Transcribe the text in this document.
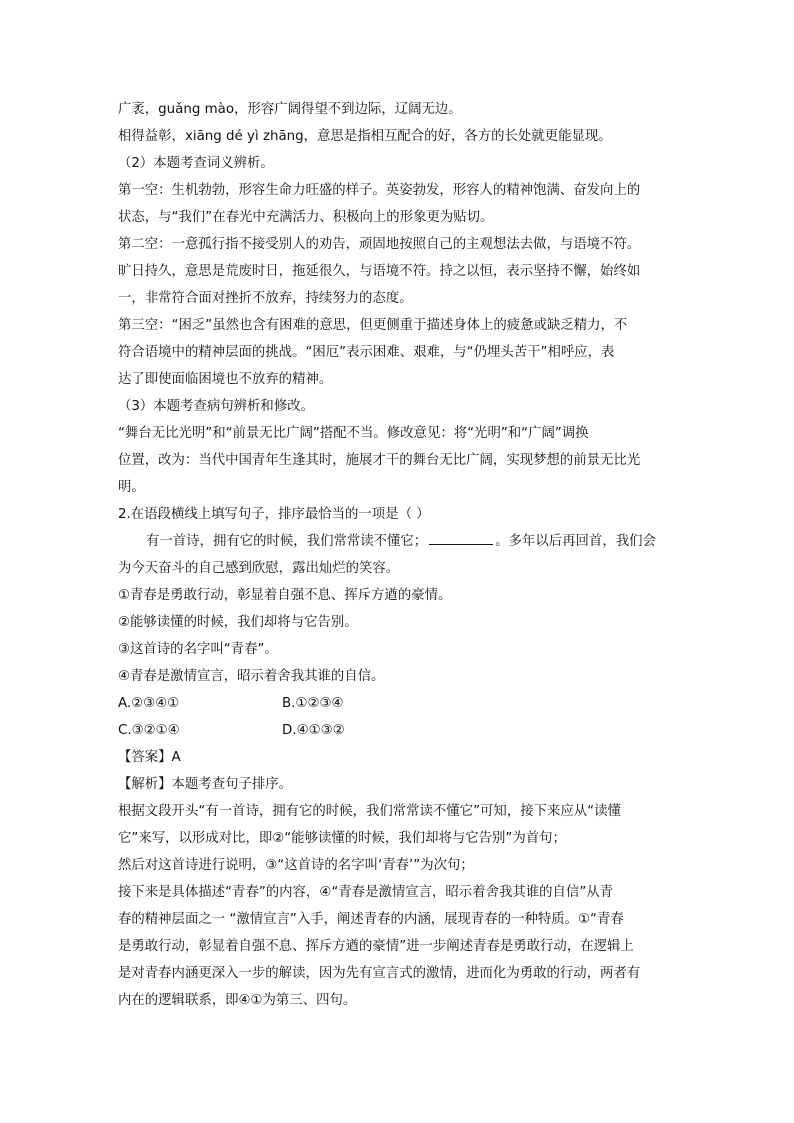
广袤，guǎng mào，形容广阔得望不到边际，辽阔无边。
相得益彰，xiāng dé yì zhāng，意思是指相互配合的好，各方的长处就更能显现。
（2）本题考查词义辨析。
第一空：生机勃勃，形容生命力旺盛的样子。英姿勃发，形容人的精神饱满、奋发向上的
状态，与“我们”在春光中充满活力、积极向上的形象更为贴切。
第二空：一意孤行指不接受别人的劝告，顽固地按照自己的主观想法去做，与语境不符。
旷日持久，意思是荒废时日，拖延很久，与语境不符。持之以恒，表示坚持不懈，始终如
一，非常符合面对挫折不放弃，持续努力的态度。
第三空：“困乏”虽然也含有困难的意思，但更侧重于描述身体上的疲惫或缺乏精力，不
符合语境中的精神层面的挑战。“困厄”表示困难、艰难，与“仍埋头苦干”相呼应，表
达了即使面临困境也不放弃的精神。
（3）本题考查病句辨析和修改。
“舞台无比光明”和“前景无比广阔”搭配不当。修改意见：将“光明”和“广阔”调换
位置，改为：当代中国青年生逢其时，施展才干的舞台无比广阔，实现梦想的前景无比光
明。
2.在语段横线上填写句子，排序最恰当的一项是（ ）
有一首诗，拥有它的时候，我们常常读不懂它；	。多年以后再回首，我们会
为今天奋斗的自己感到欣慰，露出灿烂的笑容。
①青春是勇敢行动，彰显着自强不息、挥斥方遒的豪情。
②能够读懂的时候，我们却将与它告别。
③这首诗的名字叫“青春”。
④青春是激情宣言，昭示着舍我其谁的自信。
A.②③④①	B.①②③④
C.③②①④	D.④①③②
【答案】A
【解析】本题考查句子排序。
根据文段开头“有一首诗，拥有它的时候，我们常常读不懂它”可知，接下来应从“读懂
它”来写，以形成对比，即②“能够读懂的时候，我们却将与它告别”为首句；
然后对这首诗进行说明，③“这首诗的名字叫‘青春’”为次句；
接下来是具体描述“青春”的内容，④“青春是激情宣言，昭示着舍我其谁的自信”从青
春的精神层面之一 “激情宣言”入手，阐述青春的内涵，展现青春的一种特质。①“青春
是勇敢行动，彰显着自强不息、挥斥方遒的豪情”进一步阐述青春是勇敢行动，在逻辑上
是对青春内涵更深入一步的解读，因为先有宣言式的激情，进而化为勇敢的行动，两者有
内在的逻辑联系，即④①为第三、四句。
